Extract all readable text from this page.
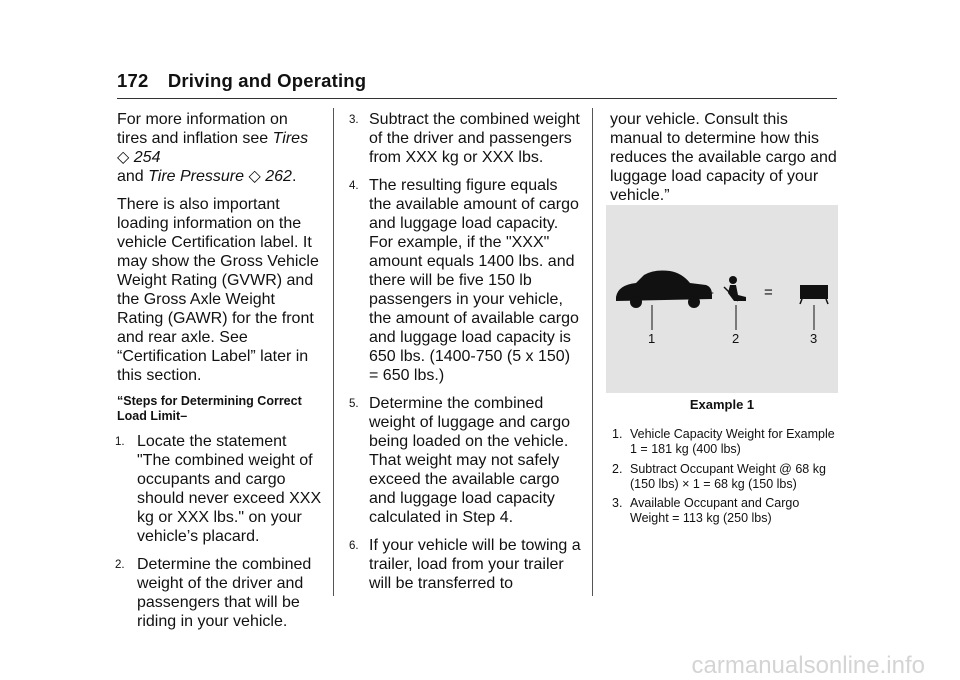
172 Driving and Operating

For more information on tires and inflation see Tires ◇ 254
and Tire Pressure ◇ 262.

There is also important loading information on the vehicle Certification label. It may show the Gross Vehicle Weight Rating (GVWR) and the Gross Axle Weight Rating (GAWR) for the front and rear axle. See “Certification Label” later in this section.

“Steps for Determining Correct Load Limit–
1. Locate the statement "The combined weight of occupants and cargo should never exceed XXX kg or XXX lbs." on your vehicle’s placard.
2. Determine the combined weight of the driver and passengers that will be riding in your vehicle.
3. Subtract the combined weight of the driver and passengers from XXX kg or XXX lbs.
4. The resulting figure equals the available amount of cargo and luggage load capacity. For example, if the "XXX" amount equals 1400 lbs. and there will be five 150 lb passengers in your vehicle, the amount of available cargo and luggage load capacity is 650 lbs. (1400-750 (5 x 150) = 650 lbs.)
5. Determine the combined weight of luggage and cargo being loaded on the vehicle. That weight may not safely exceed the available cargo and luggage load capacity calculated in Step 4.
6. If your vehicle will be towing a trailer, load from your trailer will be transferred to

your vehicle. Consult this manual to determine how this reduces the available cargo and luggage load capacity of your vehicle.”

–	=
1	2	3
Example 1
1. Vehicle Capacity Weight for Example 1 = 181 kg (400 lbs)
2. Subtract Occupant Weight @ 68 kg (150 lbs) × 1 = 68 kg (150 lbs)
3. Available Occupant and Cargo Weight = 113 kg (250 lbs)
carmanualsonline.info
